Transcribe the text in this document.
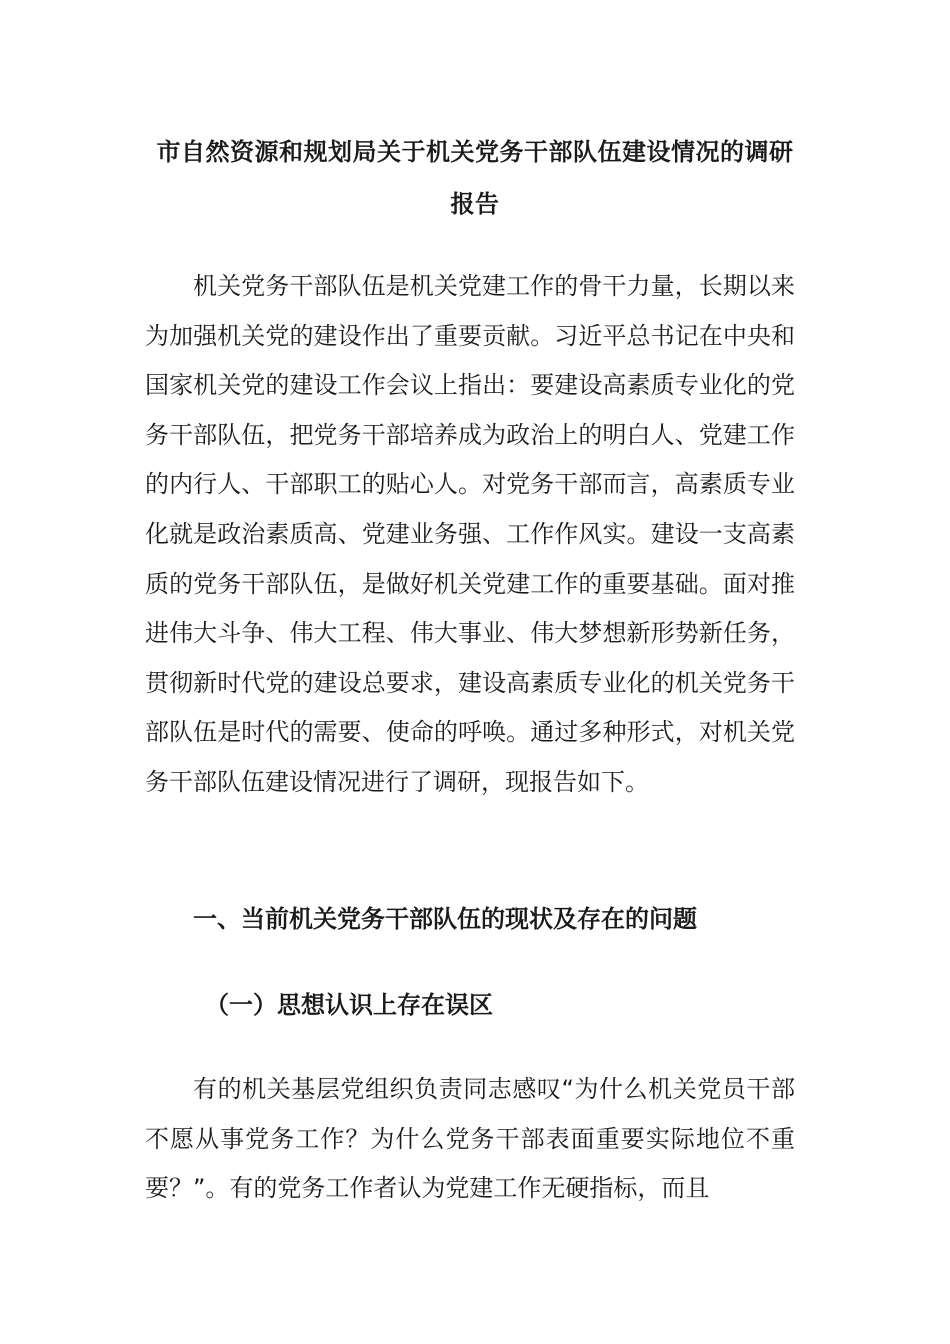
市自然资源和规划局关于机关党务干部队伍建设情况的调研报告

机关党务干部队伍是机关党建工作的骨干力量，长期以来为加强机关党的建设作出了重要贡献。习近平总书记在中央和国家机关党的建设工作会议上指出：要建设高素质专业化的党务干部队伍，把党务干部培养成为政治上的明白人、党建工作的内行人、干部职工的贴心人。对党务干部而言，高素质专业化就是政治素质高、党建业务强、工作作风实。建设一支高素质的党务干部队伍，是做好机关党建工作的重要基础。面对推进伟大斗争、伟大工程、伟大事业、伟大梦想新形势新任务，贯彻新时代党的建设总要求，建设高素质专业化的机关党务干部队伍是时代的需要、使命的呼唤。通过多种形式，对机关党务干部队伍建设情况进行了调研，现报告如下。

一、当前机关党务干部队伍的现状及存在的问题
（一）思想认识上存在误区

有的机关基层党组织负责同志感叹“为什么机关党员干部不愿从事党务工作？为什么党务干部表面重要实际地位不重要？”。有的党务工作者认为党建工作无硬指标，而且
